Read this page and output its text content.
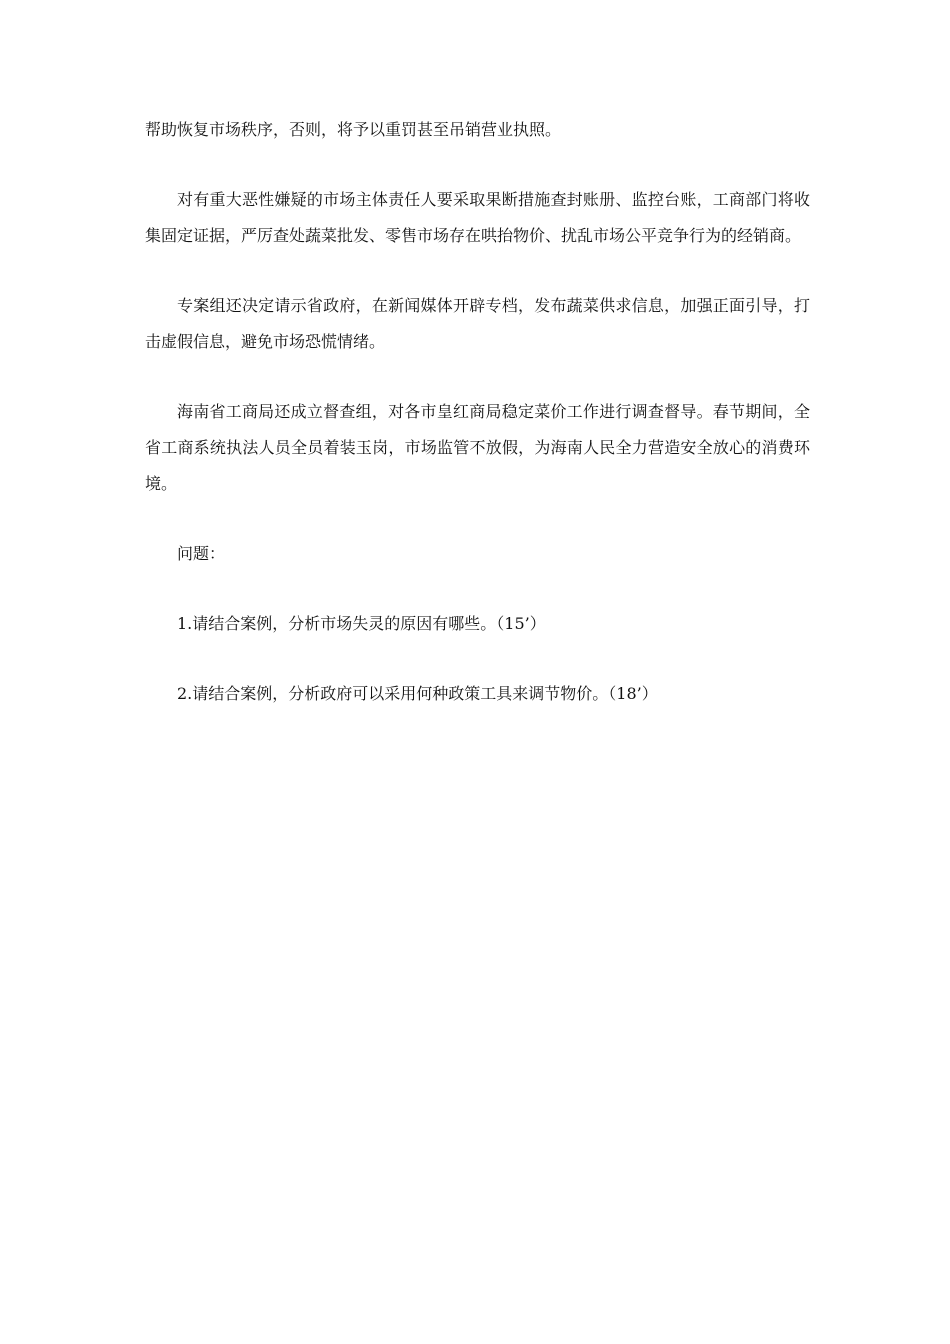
帮助恢复市场秩序，否则，将予以重罚甚至吊销营业执照。

对有重大恶性嫌疑的市场主体责任人要采取果断措施查封账册、监控台账，工商部门将收集固定证据，严厉查处蔬菜批发、零售市场存在哄抬物价、扰乱市场公平竞争行为的经销商。

专案组还决定请示省政府，在新闻媒体开辟专档，发布蔬菜供求信息，加强正面引导，打击虚假信息，避免市场恐慌情绪。

海南省工商局还成立督查组，对各市皇红商局稳定菜价工作进行调查督导。春节期间，全省工商系统执法人员全员着装玉岗，市场监管不放假，为海南人民全力营造安全放心的消费环境。

问题：

1.请结合案例，分析市场失灵的原因有哪些。（15’）

2.请结合案例，分析政府可以采用何种政策工具来调节物价。（18’）
